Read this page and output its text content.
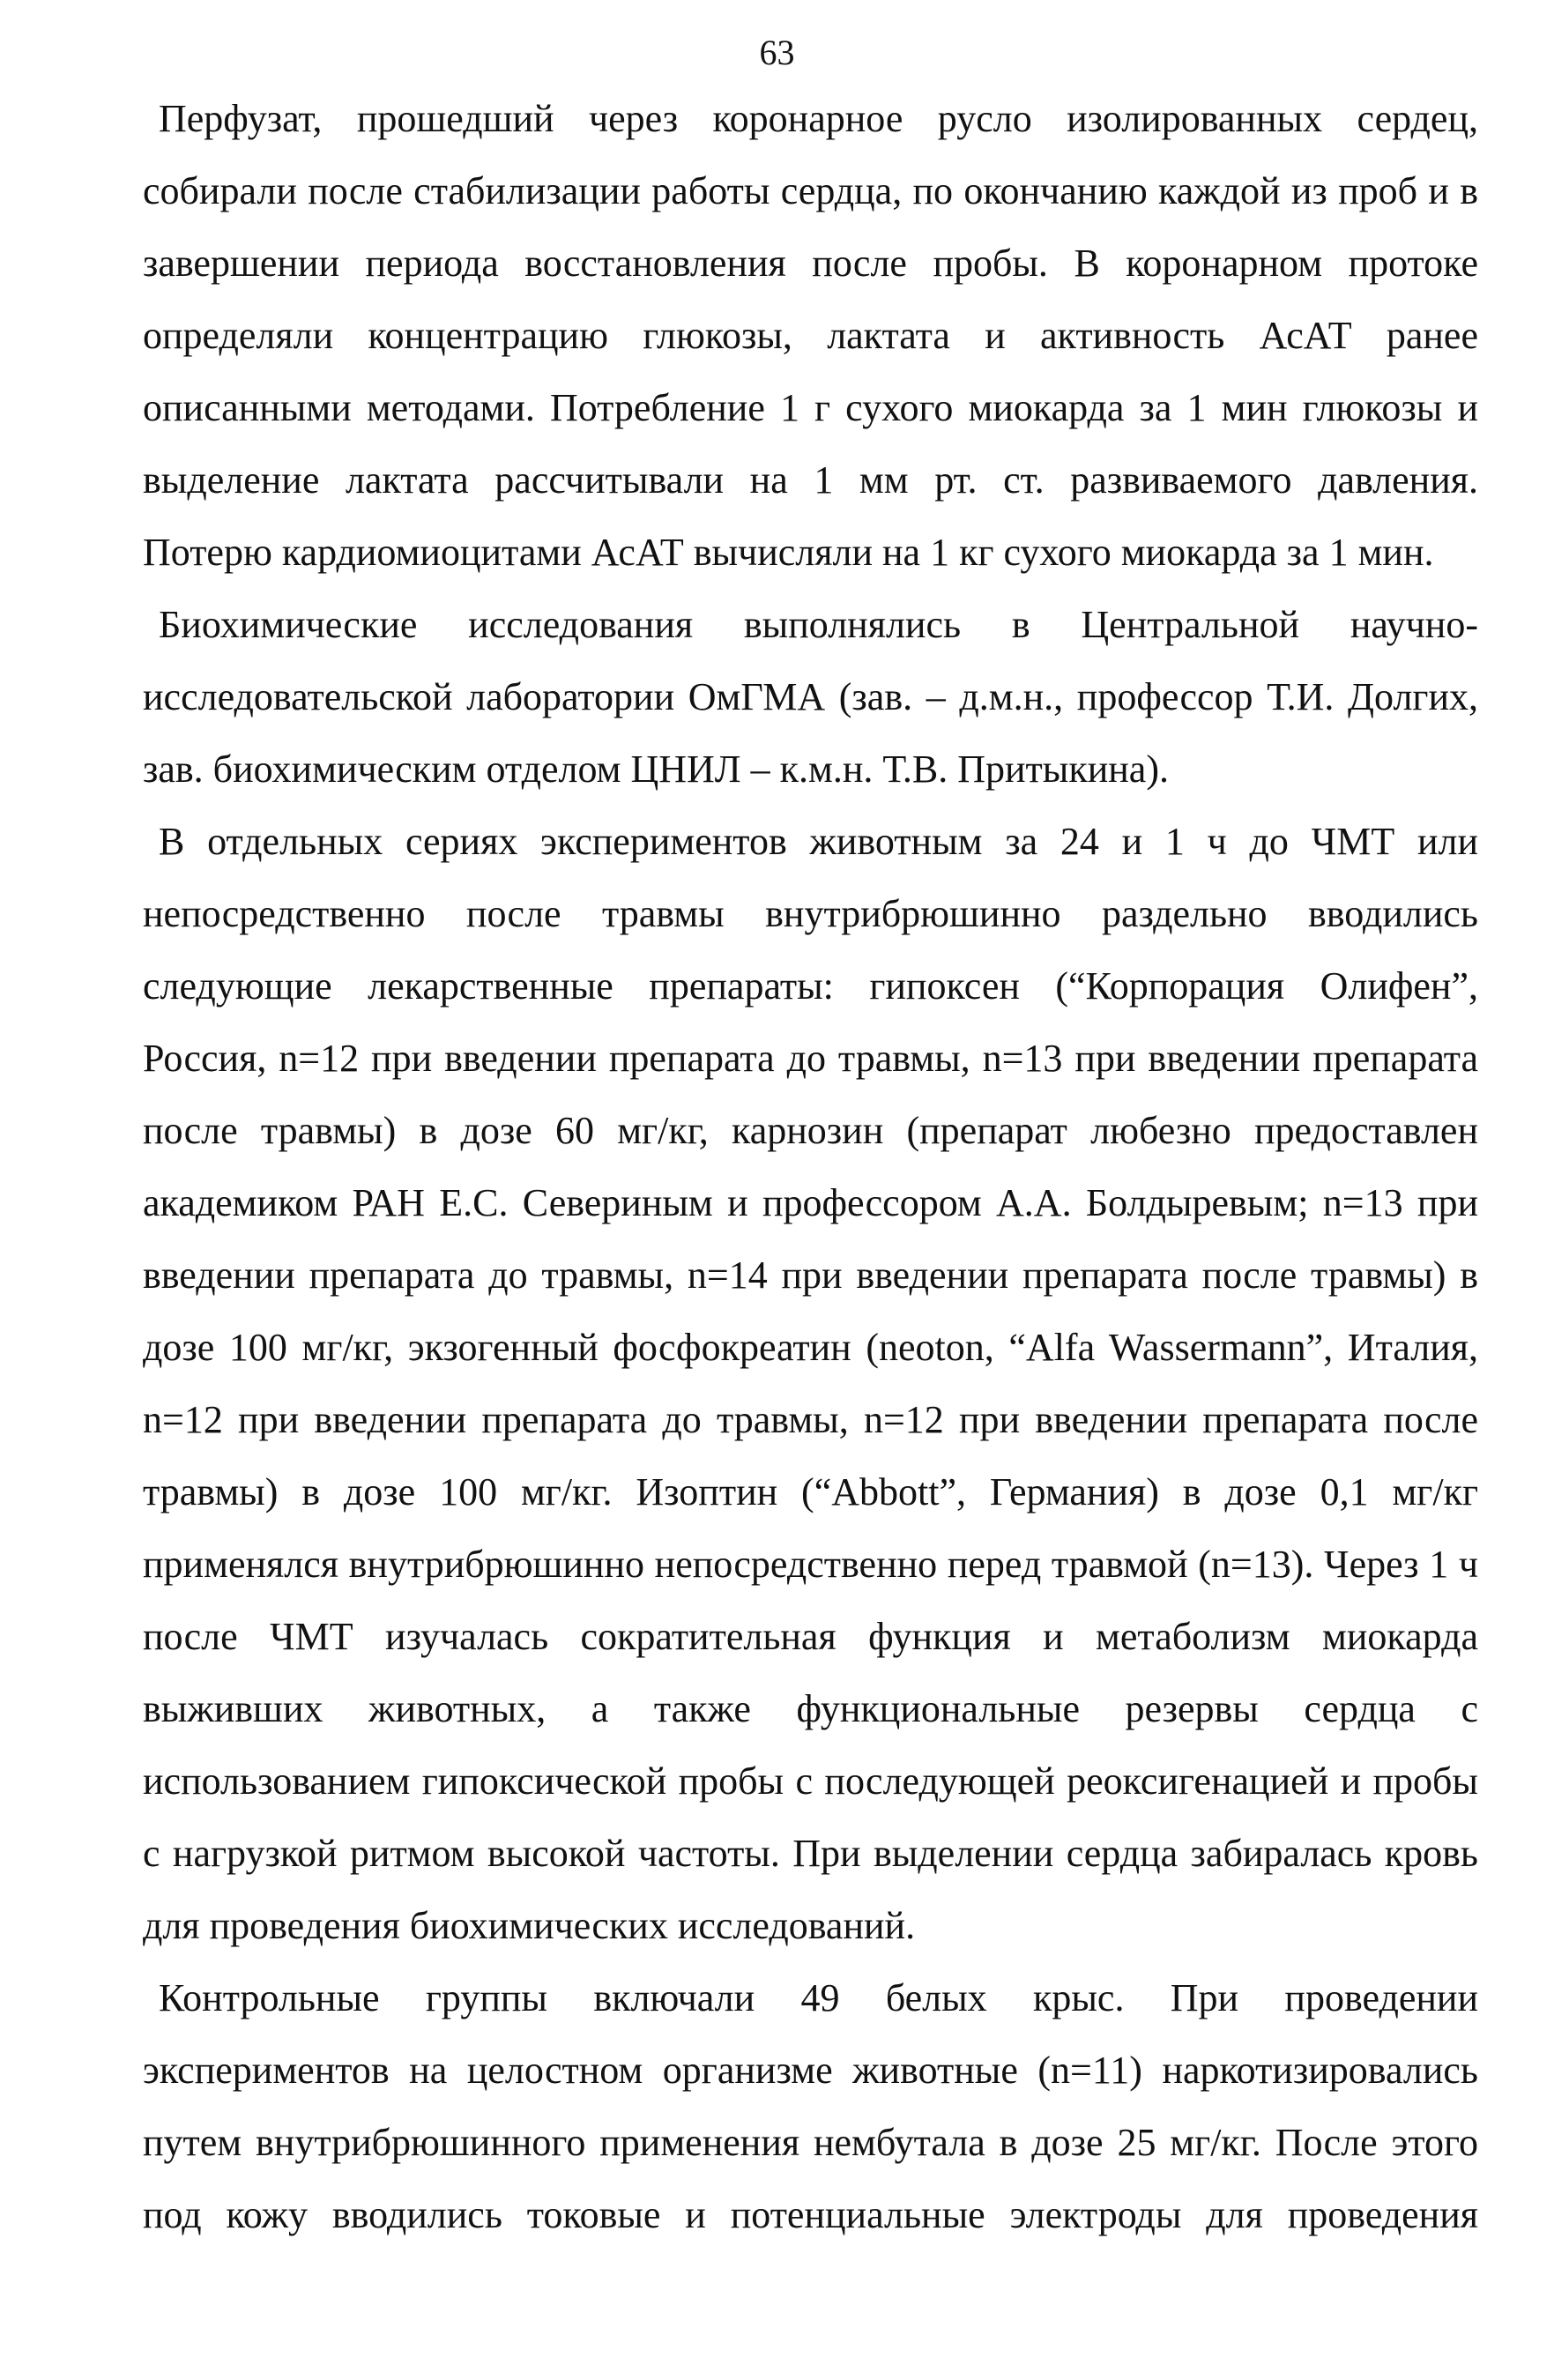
63
Перфузат, прошедший через коронарное русло изолированных сердец,
собирали после стабилизации работы сердца, по окончанию каждой из проб и в
завершении периода восстановления после пробы. В коронарном протоке
определяли концентрацию глюкозы, лактата и активность АсАТ ранее
описанными методами. Потребление 1 г сухого миокарда за 1 мин глюкозы и
выделение лактата рассчитывали на 1 мм рт. ст. развиваемого давления.
Потерю кардиомиоцитами АсАТ вычисляли на 1 кг сухого миокарда за 1 мин.
Биохимические исследования выполнялись в Центральной научно-
исследовательской лаборатории ОмГМА (зав. – д.м.н., профессор Т.И. Долгих,
зав. биохимическим отделом ЦНИЛ – к.м.н. Т.В. Притыкина).
В отдельных сериях экспериментов животным за 24 и 1 ч до ЧМТ или
непосредственно после травмы внутрибрюшинно раздельно вводились
следующие лекарственные препараты: гипоксен (“Корпорация Олифен”,
Россия, n=12 при введении препарата до травмы, n=13 при введении препарата
после травмы) в дозе 60 мг/кг, карнозин (препарат любезно предоставлен
академиком РАН Е.С. Севериным и профессором А.А. Болдыревым; n=13 при
введении препарата до травмы, n=14 при введении препарата после травмы) в
дозе 100 мг/кг, экзогенный фосфокреатин (neoton, “Alfa Wassermann”, Италия,
n=12 при введении препарата до травмы, n=12 при введении препарата после
травмы) в дозе 100 мг/кг. Изоптин (“Abbott”, Германия) в дозе 0,1 мг/кг
применялся внутрибрюшинно непосредственно перед травмой (n=13). Через 1 ч
после ЧМТ изучалась сократительная функция и метаболизм миокарда
выживших животных, а также функциональные резервы сердца с
использованием гипоксической пробы с последующей реоксигенацией и пробы
с нагрузкой ритмом высокой частоты. При выделении сердца забиралась кровь
для проведения биохимических исследований.
Контрольные группы включали 49 белых крыс. При проведении
экспериментов на целостном организме животные (n=11) наркотизировались
путем внутрибрюшинного применения нембутала в дозе 25 мг/кг. После этого
под кожу вводились токовые и потенциальные электроды для проведения
